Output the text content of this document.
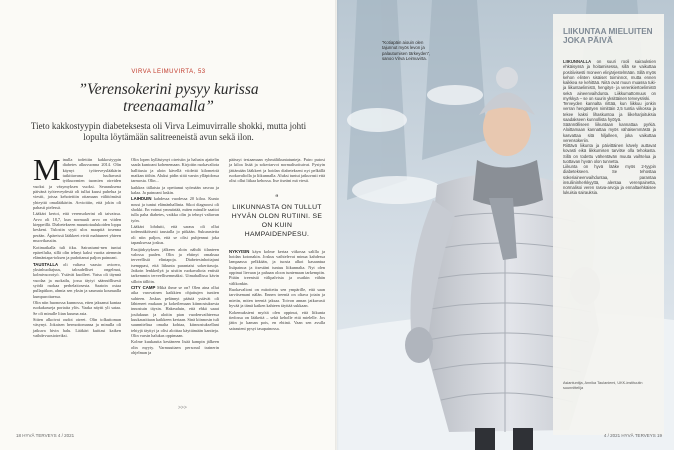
VIRVA LEIMUVIRTA, 53
”Verensokerini pysyy kurissa treenaamalla”
Tieto kakkostyypin diabeteksesta oli Virva Leimuvirralle shokki, mutta johti lopulta löytämään salitreeneistä avun sekä ilon.
M inulla todettiin kakkostyypin diabetes alkuvuonna 2014. Olin käynyt työterveyslääkärin tutkittavana luultavasti työkuormien tuomien oireiden vuoksi ja väsymyksen vuoksi. Seurauksena päivänä työterveydestä oli tullut kuusi puhelua ja viestit, joissa kehotettiin ottamaan välittömästi yhteyttä omalääkäriin. Arvioitiin, että jokin oli pahasti pielessä.

Lääkäri kertoi, että verensokerini oli taivaissa. Arvo oli 18,7, kun normaali arvo on viiden kieppeillä. Diabetekseen muuntotaulukoiden loppu keskeni. Tulostin syyti ulos maaptiä tosenna perään. Äpäreissä lääkkeet eivät mahtuneet yhteen muovikassiin.

Kotimatkalla tuli itku. Sairastumi-nen tuntui epäreilulta, sillä olin tehnyt kaksi vuotta aiemmin elämäntapa-toksen ja pudottanut paljon painoani.

TAUSTALLA oli valtava vaasia: avioero, yksinhuoltajuus, taloudelliset ongelmat, kolmivuorotyö. Ystävät kuolleet. Vatsa oli täynnä vuodaa ja ruokailu, jossa täytyi säännöllisesti syödä ruokaa perhelaitosesta. Saatoin ostaa pullapitkon, ahmia sen yksin ja saumata kounualla kumpuroitaessa.

Olin niin huonossa kunnossa, etten jaksanut kantaa ruokakasseja portaita ylös. Vaaka näytti yli sataa. Se oli minulle liian kuuma asia.

Sitten alkoivat oudot oireet. Olin tolkuttoman väsynyt. Jokaisen hermottomansa ja minulla oli jatkuva hivin halu. Lääkäri kuittasi kaiken vaihdevuosioireiksi.

Olin lopen kyllästynyt oireisiin ja halusin ajattelin saada kuntoani kohenemaan. Kirjoitin ruokavaliota hallitusta ja aloin kävellä viidettä kilometriä matkan töihin. Aluksi pidin siitä varsin ylläpidossa tarmosta. Olin...

kaikkea tällaista ja opettanut syömään rasvaa ja kalaa. Ja painoani laskin.

LAIHDUIN kahdessa vuodessa 20 kiloa. Kunto nousi ja tuntui elämänhallinta. Sikoi diagnoosi oli shokki. En voinut ymmärtää, miten minulle saattoi tulla paha diabetes, vaikka olin ja tehnyt valtavan työn.

Lääkäri lohdutti, että saraus oli ollut todennäköisesti taustalla jo pitkään. Sukurastetta oli niin paljon, että se olisi puhjennut joka tapauksessa joskus.

Ensijärkytyksen jälkeen aloin nähdä tilanteen valossa paalen. Olin ja ehtinyt omaksua terveellisiä elintapoja. Diabetesinhoitajani tsemppasi, että liikunta parantaisi sokeritasoja. Jatkoin lenkkeilyä ja uistiin ruokavaliota entistä tarkemmin terveellisemmäksi. Uimahallissa kävin silloin tällöin.

CITY CAMP Mikä ihme se on? Olen aina ollut aika varovainen kaikkien ohjattujen tuntien suhteen. Joskus pelännyt päästä ystävät oli lähteneet mukaan ja kokeilemaan kiinnostuksesta innostuin täysin. Hakeuduin, että ehkä saaat joulukuun ja aloitin pian vuodenvaihteessa kuukausittaan kaikkeen kertaan. Sinä kiinnosin tuli suunniteltua omalta kohtaa, kiinnostuksellani tehtyjä täyttyi ja olisi aloittaa käyttämään kantteja. Olin varsin halukas oppimaan.

Kolme kuukautta kestäneen lisää kampin jälkeen olin myyty. Varmuuttaen personal trainerin ohjelman ja

päässyt testaamaan ryhmäliikuntatunteja. Pairo putosi ja kiloa lisää ja sokeriarvot normalisoituivat. Pystyin jättämään lääkkeet ja hoidan diabetekseni nyt pelkällä ruokavaliolla ja liikunnalla. Aluksi tuntui jatkuvasti että olisi ollut liikaa kehossa. Itse itseäni mä viesti.

“
LIIKUNNASTA ON TULLUT HYVÄN OLON RUTIINI. SE ON KUIN HAMPAIDENPESU.

NYKYISIN käyn kolme kertaa viikossa salilla ja hoidan kotonakin. Joskus vaihtelevat minua kahdessa lampaassa pelkkään, ja tuosta alkoi kasaantua lisäpainoa ja itsestäni tuntuu liikunnalta. Nyt olen oppinut lievaan ja pahaan oloon tuntemaan tarkempiin. Pitäin treenistä välipalvista ja osatkin vähän välikonkin.

Ruokavalioni on mitoitettu sen ympärille, että saan tarvitsemani nälän. Ennen treeniä on oltava jotain ja mietin, miten treeniä jaksaa. Toivon annan jatkuvasti hyvää ja tämä kaiken kahteen täyttää sukkaan.

Kokemuksieni myötä olen oppinut, että liikunta tiedossa on lääkettä – sekä keholle että mielelle. Jos jätin jo kaman pois, en ehtinä. Vaan sen avulla sairauteni pysyi tasapainossa.

>>>
18 HYVÄ TERVEYS 4 / 2021
”Kotiapäin aiouin olen tajunnut myös levon ja palautumisen tärkeyden”, sanoo Virva Leimuvirta.
LIIKUNTAA MIELUITEN JOKA PÄIVÄ

LIIKUNNALLA on suuri rooli sairauksien ehkäisyssä ja hoitamisessa, sillä se vaikuttaa positiivisesti moneen elinjärjestelmään. Sillä myös kehon elinten sisäiset toiminnot, mutta ennen kaikkea se kehittää. Niitä ovat muun muassa tuki- ja liikuntaelimistö, hengitys- ja verenkiertoelimistö sekä aineenvaihdunta. Liikkumattomuus on myrkkyä – se on suurin yksittäinen terveysriski.

Terveyden kannalta riittää, kun liikkuu jonkin verran hengästyen nimittäin 2,5 tuntia viikossa ja tekee kaksi lihaskuntoa ja liikeharjoituksia saadakseen kunnollista hyötyä.

Säännölliseen liikuntaan kannattaa pyrkiä. Aloittamaan kannattaa myös vähäisemmästä ja kasvattaa sitä hiljalleen, joka vaikuttaa verensokeriin.

Riittävä liikunta ja päivittäinen kävely auttavat kovasti eikä liikkumisen tarvitse olla tehokasta. Sillä on todettu vähentävän muuta vaihtelua ja tuottavan hyvän olon tunnetta.

Liikunta on hyvä lääke myös 2-tyypin diabetekseen. Se tehostaa sokeriaineenvaihduntaa, parantaa insuliininherkkyyttä, alentaa verenpainetta, normalisoi veren rasva-arvoja ja ennaltaehkäisee lukuisia sairauksia.

Asiantuntija, Annika Taulaniemi, UKK-instituutin suunnittelija
4 / 2021 HYVÄ TERVEYS 19
